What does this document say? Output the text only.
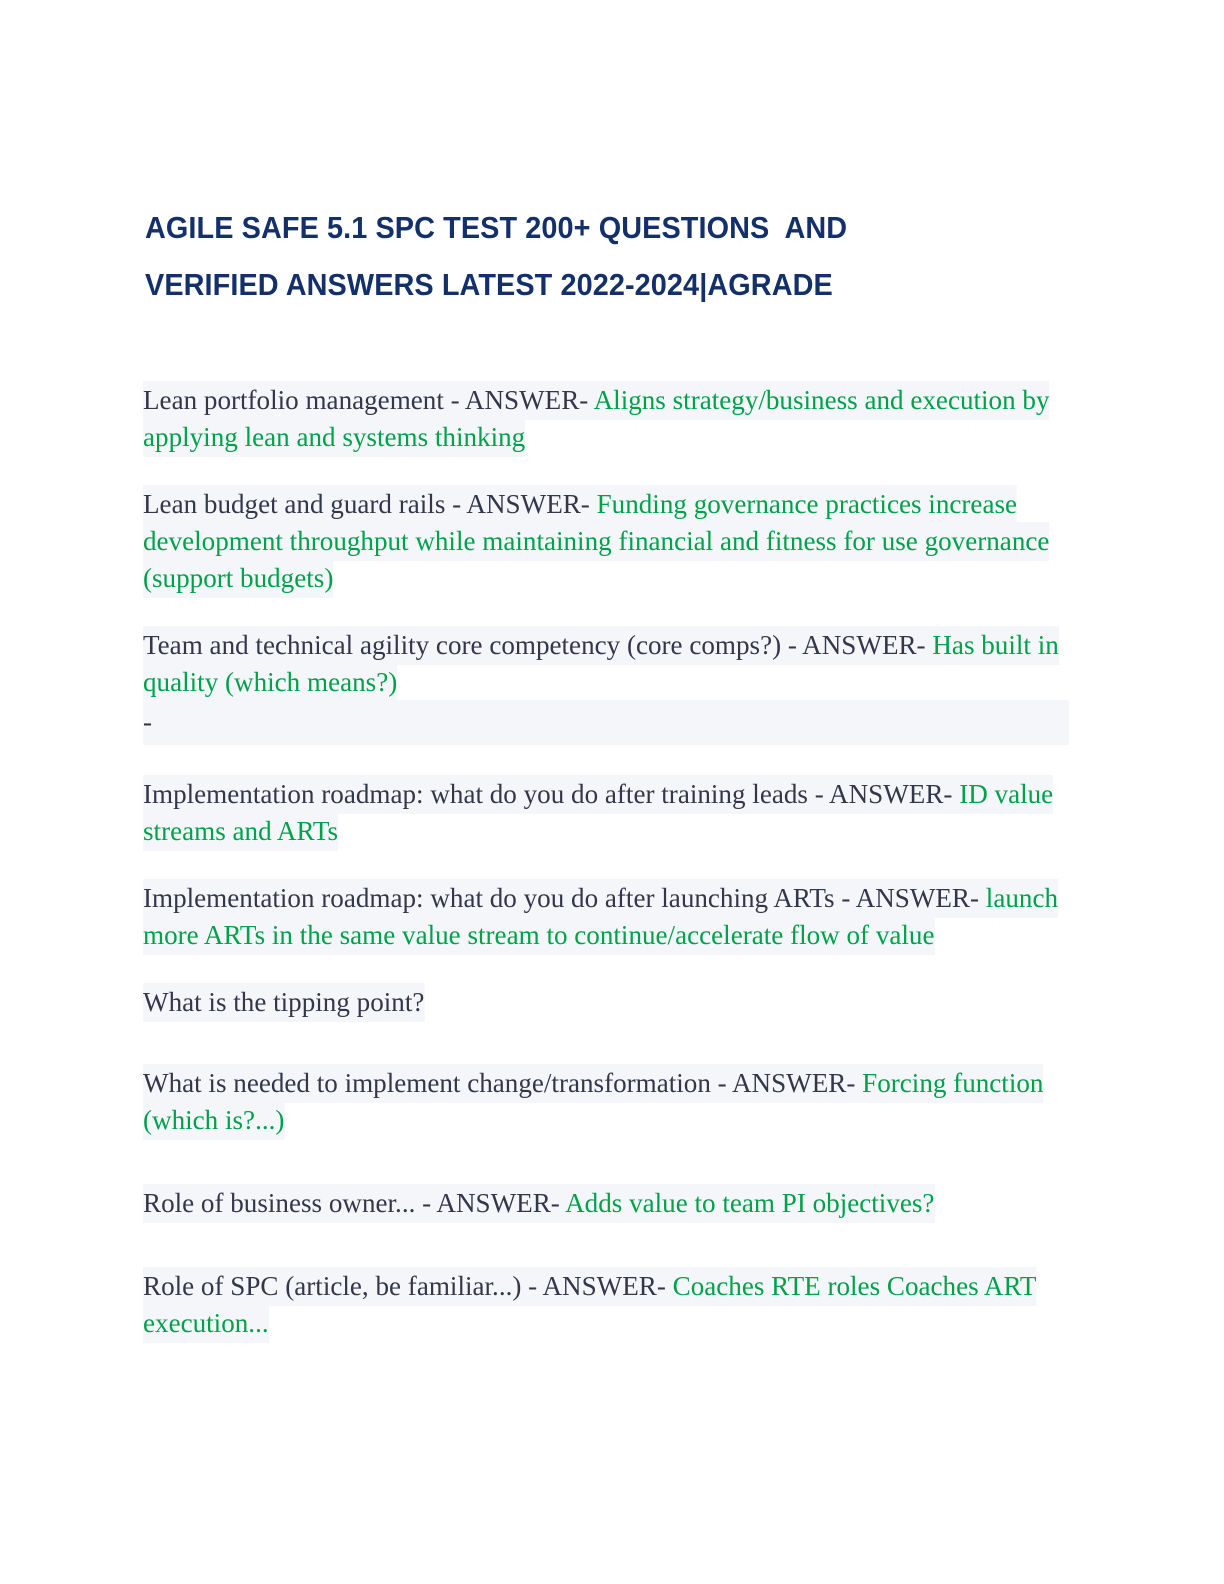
AGILE SAFE 5.1 SPC TEST 200+ QUESTIONS  AND VERIFIED ANSWERS LATEST 2022-2024|AGRADE

Lean portfolio management - ANSWER- Aligns strategy/business and execution by applying lean and systems thinking

Lean budget and guard rails - ANSWER- Funding governance practices increase development throughput while maintaining financial and fitness for use governance (support budgets)

Team and technical agility core competency (core comps?) - ANSWER- Has built in quality (which means?)
-

Implementation roadmap: what do you do after training leads - ANSWER- ID value streams and ARTs

Implementation roadmap: what do you do after launching ARTs - ANSWER- launch more ARTs in the same value stream to continue/accelerate flow of value

What is the tipping point?

What is needed to implement change/transformation - ANSWER- Forcing function (which is?...)

Role of business owner... - ANSWER- Adds value to team PI objectives?

Role of SPC (article, be familiar...) - ANSWER- Coaches RTE roles Coaches ART execution...
